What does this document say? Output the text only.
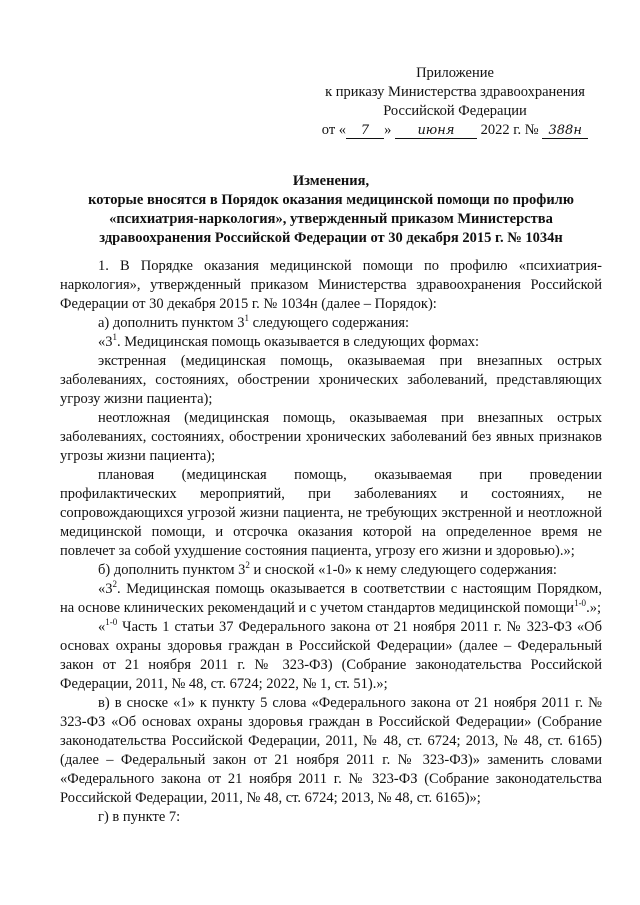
Приложение
к приказу Министерства здравоохранения
Российской Федерации
от « 7 » июня 2022 г. № 388н
Изменения,
которые вносятся в Порядок оказания медицинской помощи по профилю
«психиатрия-наркология», утвержденный приказом Министерства
здравоохранения Российской Федерации от 30 декабря 2015 г. № 1034н

1. В Порядке оказания медицинской помощи по профилю «психиатрия-наркология», утвержденный приказом Министерства здравоохранения Российской Федерации от 30 декабря 2015 г. № 1034н (далее – Порядок):

а) дополнить пунктом $3^1$ следующего содержания:

«$3^1$. Медицинская помощь оказывается в следующих формах:

экстренная (медицинская помощь, оказываемая при внезапных острых заболеваниях, состояниях, обострении хронических заболеваний, представляющих угрозу жизни пациента);

неотложная (медицинская помощь, оказываемая при внезапных острых заболеваниях, состояниях, обострении хронических заболеваний без явных признаков угрозы жизни пациента);

плановая (медицинская помощь, оказываемая при проведении профилактических мероприятий, при заболеваниях и состояниях, не сопровождающихся угрозой жизни пациента, не требующих экстренной и неотложной медицинской помощи, и отсрочка оказания которой на определенное время не повлечет за собой ухудшение состояния пациента, угрозу его жизни и здоровью).»;

б) дополнить пунктом $3^2$ и сноской «1-0» к нему следующего содержания:

«$3^2$. Медицинская помощь оказывается в соответствии с настоящим Порядком, на основе клинических рекомендаций и с учетом стандартов медицинской помощи$^{1-0}$.»;

«$^{1-0}$ Часть 1 статьи 37 Федерального закона от 21 ноября 2011 г. № 323-ФЗ «Об основах охраны здоровья граждан в Российской Федерации» (далее – Федеральный закон от 21 ноября 2011 г. № 323-ФЗ) (Собрание законодательства Российской Федерации, 2011, № 48, ст. 6724; 2022, № 1, ст. 51).»;

в) в сноске «1» к пункту 5 слова «Федерального закона от 21 ноября 2011 г. № 323-ФЗ «Об основах охраны здоровья граждан в Российской Федерации» (Собрание законодательства Российской Федерации, 2011, № 48, ст. 6724; 2013, № 48, ст. 6165) (далее – Федеральный закон от 21 ноября 2011 г. № 323-ФЗ)» заменить словами «Федерального закона от 21 ноября 2011 г. № 323-ФЗ (Собрание законодательства Российской Федерации, 2011, № 48, ст. 6724; 2013, № 48, ст. 6165)»;

г) в пункте 7:
